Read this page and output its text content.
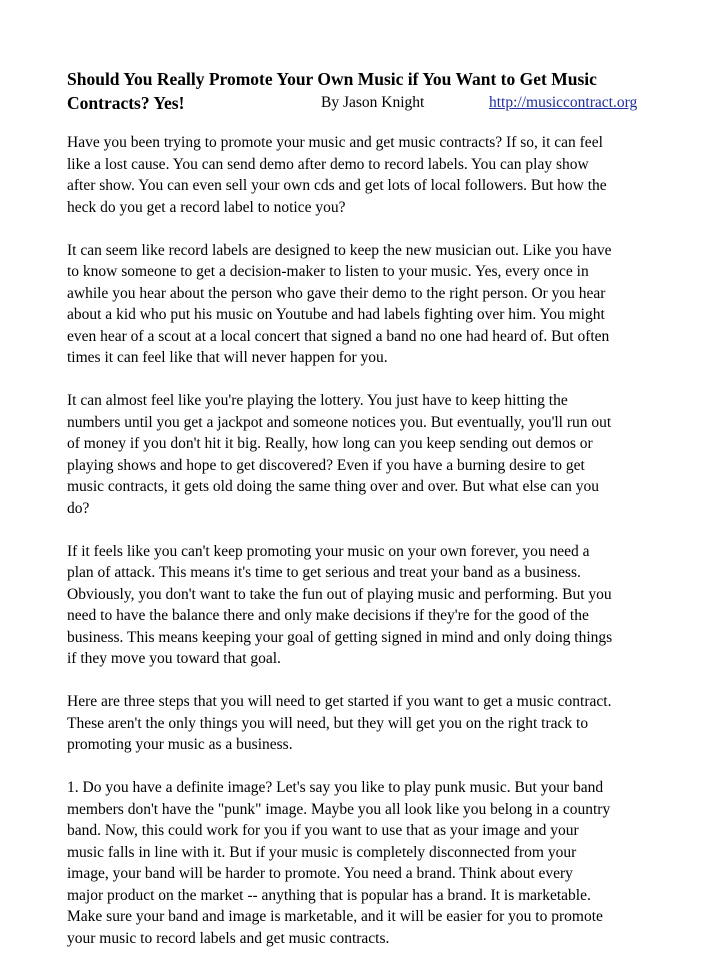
Should You Really Promote Your Own Music if You Want to Get Music
Contracts? Yes!	By Jason Knight	http://musiccontract.org

Have you been trying to promote your music and get music contracts? If so, it can feel
like a lost cause. You can send demo after demo to record labels. You can play show
after show. You can even sell your own cds and get lots of local followers. But how the
heck do you get a record label to notice you?

It can seem like record labels are designed to keep the new musician out. Like you have
to know someone to get a decision-maker to listen to your music. Yes, every once in
awhile you hear about the person who gave their demo to the right person. Or you hear
about a kid who put his music on Youtube and had labels fighting over him. You might
even hear of a scout at a local concert that signed a band no one had heard of. But often
times it can feel like that will never happen for you.

It can almost feel like you're playing the lottery. You just have to keep hitting the
numbers until you get a jackpot and someone notices you. But eventually, you'll run out
of money if you don't hit it big. Really, how long can you keep sending out demos or
playing shows and hope to get discovered? Even if you have a burning desire to get
music contracts, it gets old doing the same thing over and over. But what else can you
do?

If it feels like you can't keep promoting your music on your own forever, you need a
plan of attack. This means it's time to get serious and treat your band as a business.
Obviously, you don't want to take the fun out of playing music and performing. But you
need to have the balance there and only make decisions if they're for the good of the
business. This means keeping your goal of getting signed in mind and only doing things
if they move you toward that goal.

Here are three steps that you will need to get started if you want to get a music contract.
These aren't the only things you will need, but they will get you on the right track to
promoting your music as a business.

1. Do you have a definite image? Let's say you like to play punk music. But your band
members don't have the "punk" image. Maybe you all look like you belong in a country
band. Now, this could work for you if you want to use that as your image and your
music falls in line with it. But if your music is completely disconnected from your
image, your band will be harder to promote. You need a brand. Think about every
major product on the market -- anything that is popular has a brand. It is marketable.
Make sure your band and image is marketable, and it will be easier for you to promote
your music to record labels and get music contracts.
